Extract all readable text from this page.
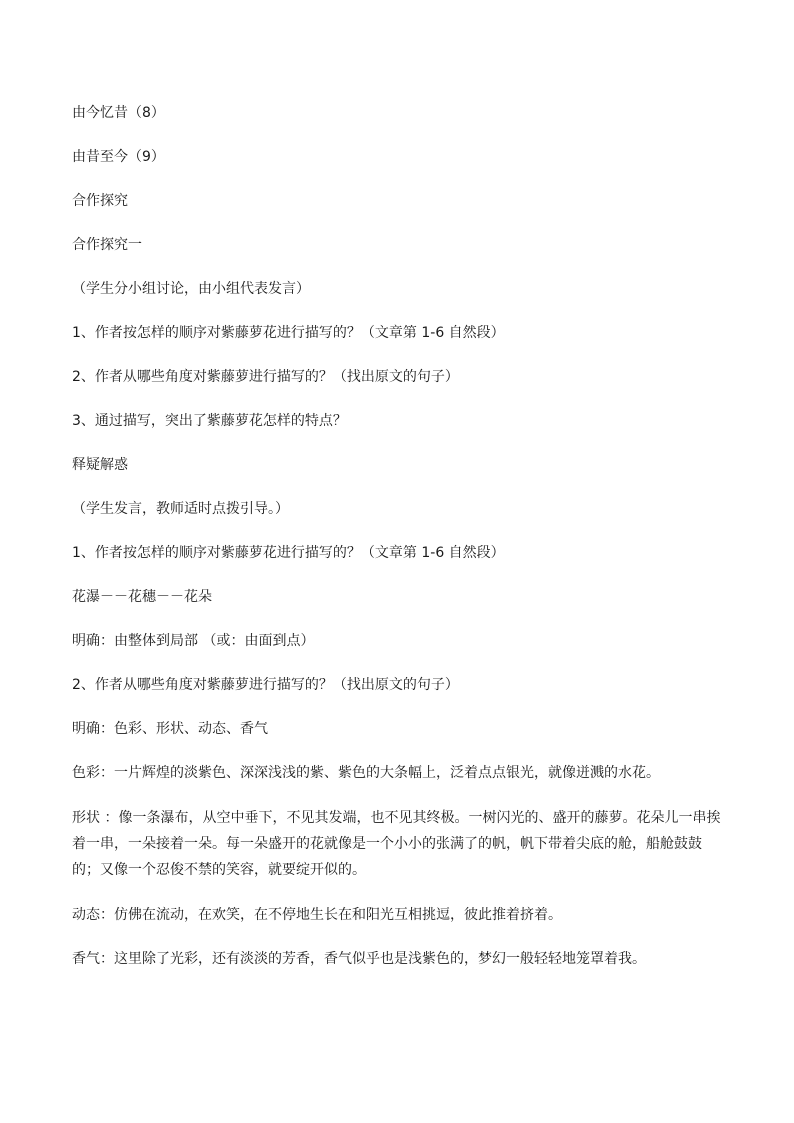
由今忆昔（8）

由昔至今（9）

合作探究

合作探究一

（学生分小组讨论，由小组代表发言）

1、作者按怎样的顺序对紫藤萝花进行描写的？（文章第 1-6 自然段）

2、作者从哪些角度对紫藤萝进行描写的？（找出原文的句子）

3、通过描写，突出了紫藤萝花怎样的特点？

释疑解惑

（学生发言，教师适时点拨引导。）

1、作者按怎样的顺序对紫藤萝花进行描写的？（文章第 1-6 自然段）

花瀑－－花穗－－花朵

明确：由整体到局部 （或：由面到点）

2、作者从哪些角度对紫藤萝进行描写的？（找出原文的句子）

明确：色彩、形状、动态、香气

色彩：一片辉煌的淡紫色、深深浅浅的紫、紫色的大条幅上，泛着点点银光，就像迸溅的水花。

形状 ：像一条瀑布，从空中垂下，不见其发端，也不见其终极。一树闪光的、盛开的藤萝。花朵儿一串挨着一串，一朵接着一朵。每一朵盛开的花就像是一个小小的张满了的帆，帆下带着尖底的舱，船舱鼓鼓的；又像一个忍俊不禁的笑容，就要绽开似的。

动态：仿佛在流动，在欢笑，在不停地生长在和阳光互相挑逗，彼此推着挤着。

香气：这里除了光彩，还有淡淡的芳香，香气似乎也是浅紫色的，梦幻一般轻轻地笼罩着我。
